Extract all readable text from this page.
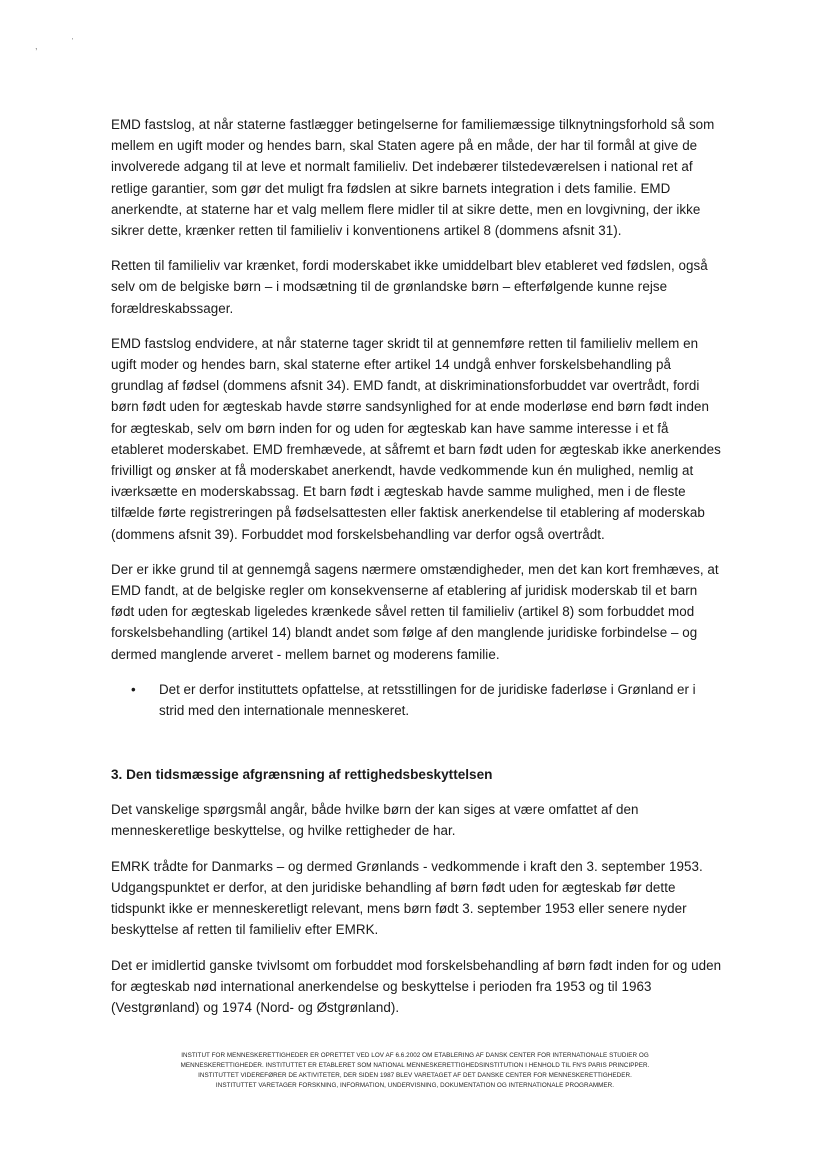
,	'

EMD fastslog, at når staterne fastlægger betingelserne for familiemæssige tilknytningsforhold så som mellem en ugift moder og hendes barn, skal Staten agere på en måde, der har til formål at give de involverede adgang til at leve et normalt familieliv. Det indebærer tilstedeværelsen i national ret af retlige garantier, som gør det muligt fra fødslen at sikre barnets integration i dets familie. EMD anerkendte, at staterne har et valg mellem flere midler til at sikre dette, men en lovgivning, der ikke sikrer dette, krænker retten til familieliv i konventionens artikel 8 (dommens afsnit 31).

Retten til familieliv var krænket, fordi moderskabet ikke umiddelbart blev etableret ved fødslen, også selv om de belgiske børn – i modsætning til de grønlandske børn – efterfølgende kunne rejse forældreskabssager.

EMD fastslog endvidere, at når staterne tager skridt til at gennemføre retten til familieliv mellem en ugift moder og hendes barn, skal staterne efter artikel 14 undgå enhver forskelsbehandling på grundlag af fødsel (dommens afsnit 34). EMD fandt, at diskriminationsforbuddet var overtrådt, fordi børn født uden for ægteskab havde større sandsynlighed for at ende moderløse end børn født inden for ægteskab, selv om børn inden for og uden for ægteskab kan have samme interesse i et få etableret moderskabet. EMD fremhævede, at såfremt et barn født uden for ægteskab ikke anerkendes frivilligt og ønsker at få moderskabet anerkendt, havde vedkommende kun én mulighed, nemlig at iværksætte en moderskabssag. Et barn født i ægteskab havde samme mulighed, men i de fleste tilfælde førte registreringen på fødselsattesten eller faktisk anerkendelse til etablering af moderskab (dommens afsnit 39). Forbuddet mod forskelsbehandling var derfor også overtrådt.

Der er ikke grund til at gennemgå sagens nærmere omstændigheder, men det kan kort fremhæves, at EMD fandt, at de belgiske regler om konsekvenserne af etablering af juridisk moderskab til et barn født uden for ægteskab ligeledes krænkede såvel retten til familieliv (artikel 8) som forbuddet mod forskelsbehandling (artikel 14) blandt andet som følge af den manglende juridiske forbindelse – og dermed manglende arveret - mellem barnet og moderens familie.

• Det er derfor instituttets opfattelse, at retsstillingen for de juridiske faderløse i Grønland er i strid med den internationale menneskeret.
3. Den tidsmæssige afgrænsning af rettighedsbeskyttelsen

Det vanskelige spørgsmål angår, både hvilke børn der kan siges at være omfattet af den menneskeretlige beskyttelse, og hvilke rettigheder de har.

EMRK trådte for Danmarks – og dermed Grønlands - vedkommende i kraft den 3. september 1953. Udgangspunktet er derfor, at den juridiske behandling af børn født uden for ægteskab før dette tidspunkt ikke er menneskeretligt relevant, mens børn født 3. september 1953 eller senere nyder beskyttelse af retten til familieliv efter EMRK.

Det er imidlertid ganske tvivlsomt om forbuddet mod forskelsbehandling af børn født inden for og uden for ægteskab nød international anerkendelse og beskyttelse i perioden fra 1953 og til 1963 (Vestgrønland) og 1974 (Nord- og Østgrønland).

INSTITUT FOR MENNESKERETTIGHEDER ER OPRETTET VED LOV AF 6.6.2002 OM ETABLERING AF DANSK CENTER FOR INTERNATIONALE STUDIER OG
MENNESKERETTIGHEDER. INSTITUTTET ER ETABLERET SOM NATIONAL MENNESKERETTIGHEDSINSTITUTION I HENHOLD TIL FN'S PARIS PRINCIPPER.
INSTITUTTET VIDEREFØRER DE AKTIVITETER, DER SIDEN 1987 BLEV VARETAGET AF DET DANSKE CENTER FOR MENNESKERETTIGHEDER.
INSTITUTTET VARETAGER FORSKNING, INFORMATION, UNDERVISNING, DOKUMENTATION OG INTERNATIONALE PROGRAMMER.
